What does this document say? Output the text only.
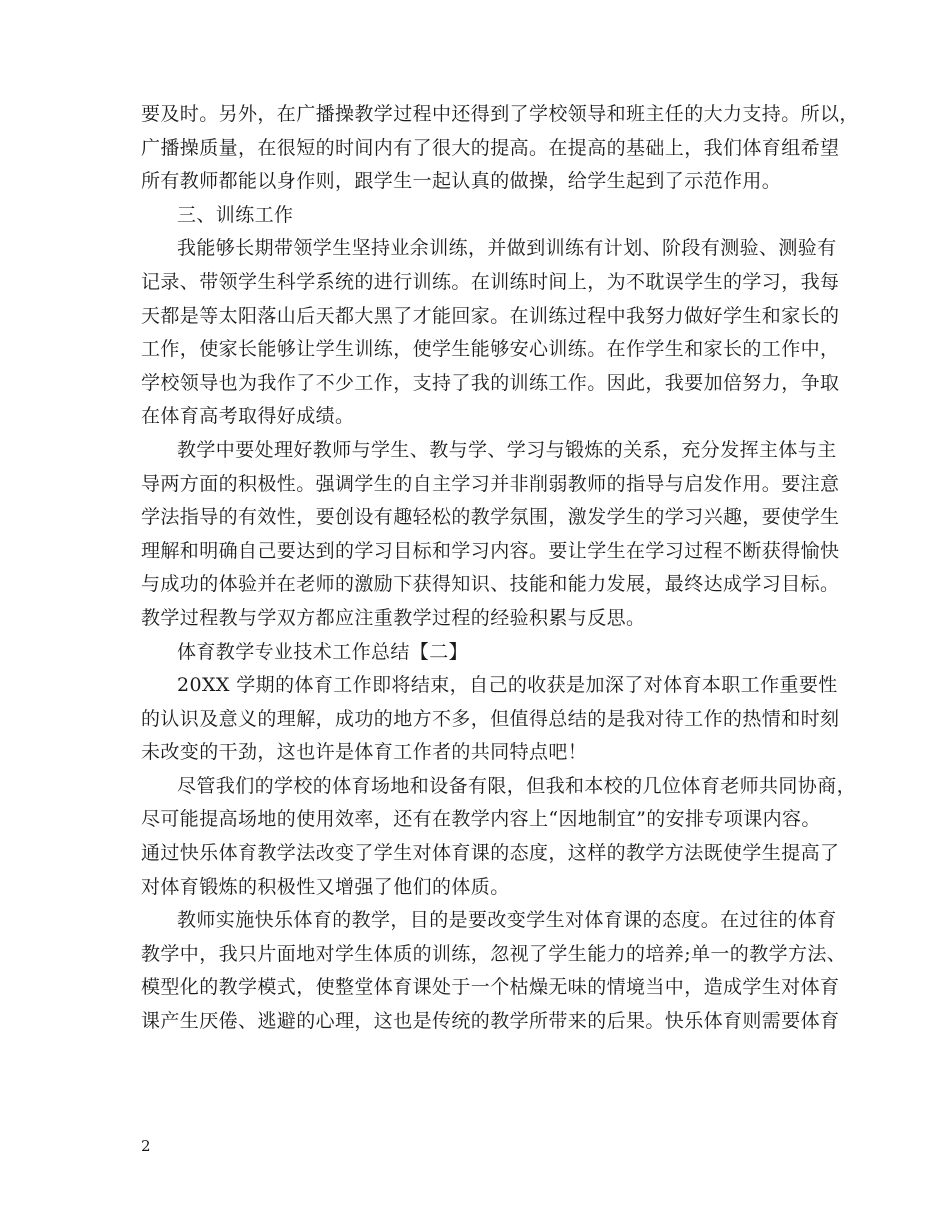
要及时。另外，在广播操教学过程中还得到了学校领导和班主任的大力支持。所以，
广播操质量，在很短的时间内有了很大的提高。在提高的基础上，我们体育组希望
所有教师都能以身作则，跟学生一起认真的做操，给学生起到了示范作用。
三、训练工作
我能够长期带领学生坚持业余训练，并做到训练有计划、阶段有测验、测验有
记录、带领学生科学系统的进行训练。在训练时间上，为不耽误学生的学习，我每
天都是等太阳落山后天都大黑了才能回家。在训练过程中我努力做好学生和家长的
工作，使家长能够让学生训练，使学生能够安心训练。在作学生和家长的工作中，
学校领导也为我作了不少工作，支持了我的训练工作。因此，我要加倍努力，争取
在体育高考取得好成绩。
教学中要处理好教师与学生、教与学、学习与锻炼的关系，充分发挥主体与主
导两方面的积极性。强调学生的自主学习并非削弱教师的指导与启发作用。要注意
学法指导的有效性，要创设有趣轻松的教学氛围，激发学生的学习兴趣，要使学生
理解和明确自己要达到的学习目标和学习内容。要让学生在学习过程不断获得愉快
与成功的体验并在老师的激励下获得知识、技能和能力发展，最终达成学习目标。
教学过程教与学双方都应注重教学过程的经验积累与反思。
体育教学专业技术工作总结【二】
20XX 学期的体育工作即将结束，自己的收获是加深了对体育本职工作重要性
的认识及意义的理解，成功的地方不多，但值得总结的是我对待工作的热情和时刻
未改变的干劲，这也许是体育工作者的共同特点吧！
尽管我们的学校的体育场地和设备有限，但我和本校的几位体育老师共同协商，
尽可能提高场地的使用效率，还有在教学内容上“因地制宜”的安排专项课内容。
通过快乐体育教学法改变了学生对体育课的态度，这样的教学方法既使学生提高了
对体育锻炼的积极性又增强了他们的体质。
教师实施快乐体育的教学，目的是要改变学生对体育课的态度。在过往的体育
教学中，我只片面地对学生体质的训练，忽视了学生能力的培养;单一的教学方法、
模型化的教学模式，使整堂体育课处于一个枯燥无味的情境当中，造成学生对体育
课产生厌倦、逃避的心理，这也是传统的教学所带来的后果。快乐体育则需要体育
2
